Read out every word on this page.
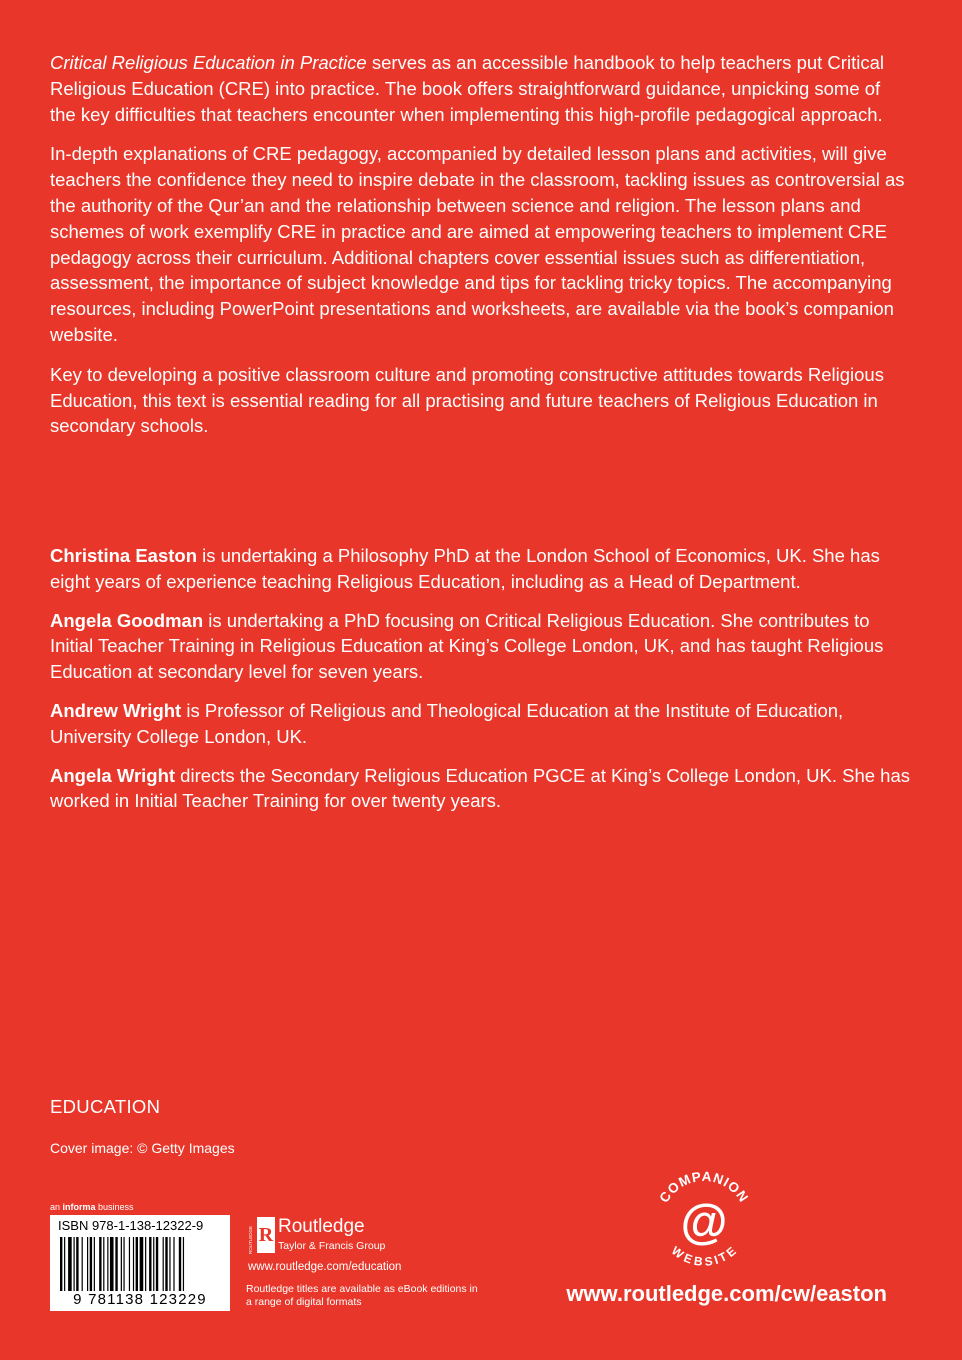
Critical Religious Education in Practice serves as an accessible handbook to help teachers put Critical Religious Education (CRE) into practice. The book offers straightforward guidance, unpicking some of the key difficulties that teachers encounter when implementing this high-profile pedagogical approach.

In-depth explanations of CRE pedagogy, accompanied by detailed lesson plans and activities, will give teachers the confidence they need to inspire debate in the classroom, tackling issues as controversial as the authority of the Qur’an and the relationship between science and religion. The lesson plans and schemes of work exemplify CRE in practice and are aimed at empowering teachers to implement CRE pedagogy across their curriculum. Additional chapters cover essential issues such as differentiation, assessment, the importance of subject knowledge and tips for tackling tricky topics. The accompanying resources, including PowerPoint presentations and worksheets, are available via the book’s companion website.

Key to developing a positive classroom culture and promoting constructive attitudes towards Religious Education, this text is essential reading for all practising and future teachers of Religious Education in secondary schools.

Christina Easton is undertaking a Philosophy PhD at the London School of Economics, UK. She has eight years of experience teaching Religious Education, including as a Head of Department.

Angela Goodman is undertaking a PhD focusing on Critical Religious Education. She contributes to Initial Teacher Training in Religious Education at King’s College London, UK, and has taught Religious Education at secondary level for seven years.

Andrew Wright is Professor of Religious and Theological Education at the Institute of Education, University College London, UK.

Angela Wright directs the Secondary Religious Education PGCE at King’s College London, UK. She has worked in Initial Teacher Training for over twenty years.

EDUCATION
Cover image: © Getty Images
an informa business
ISBN 978-1-138-12322-9
9 781138 123229
R
ROUTLEDGE Routledge
Taylor & Francis Group
www.routledge.com/education
Routledge titles are available as eBook editions in a range of digital formats
COMPANION
@
WEBSITE
www.routledge.com/cw/easton
